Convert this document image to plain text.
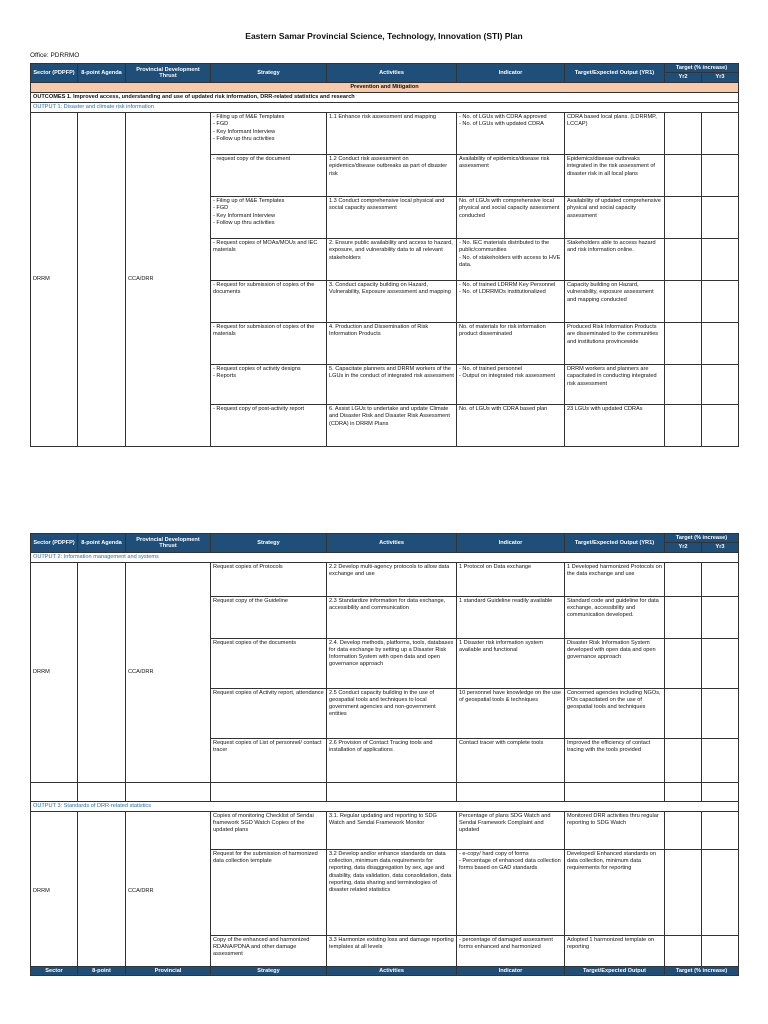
Eastern Samar Provincial Science, Technology, Innovation (STI) Plan
Office: PDRRMO
Sector (PDPFP)	8-point Agenda	Provincial Development Thrust	Strategy	Activities	Indicator	Target/Expected Output (YR1)	Target (% increase)	
							Yr2	Yr3
Prevention and Mitigation								
OUTCOMES 1. Improved access, understanding and use of updated risk information, DRR-related statistics and research								
OUTPUT 1: Disaster and climate risk information								
DRRM		CCA/DRR	- Filing up of M&E Templates
- FGD
- Key Informant Interview
- Follow up thru activities	1.1 Enhance risk assessment and mapping	- No. of LGUs with CDRA approved
- No. of LGUs with updated CDRA	CDRA based local plans. (LDRRMP, LCCAP)		
			- request copy of the document	1.2 Conduct risk assessment on epidemics/disease outbreaks as part of disaster risk	Availability of epidemics/disease risk assessment	Epidemics/disease outbreaks integrated in the risk assessment of disaster risk in all local plans		
			- Filing up of M&E Templates
- FGD
- Key Informant Interview
- Follow up thru activities	1.3 Conduct comprehensive local physical and social capacity assessment	No. of LGUs with comprehensive local physical and social capacity assessment conducted	Availability of updated comprehensive physical and social capacity assessment		
			- Request copies of MOAs/MOUs and IEC materials	2. Ensure public availability and access to hazard, exposure, and vulnerability data to all relevant stakeholders	- No. IEC materials distributed to the public/communities
- No. of stakeholders with access to HVE data.	Stakeholders able to access hazard and risk information online.		
			- Request for submission of copies of the documents	3. Conduct capacity building on Hazard, Vulnerability, Exposure assessment and mapping	- No. of trained LDRRM Key Personnel
- No. of LDRRMOs institutionalized	Capacity building on Hazard, vulnerability, exposure assessment and mapping conducted		
			- Request for submission of copies of the materials	4. Production and Dissemination of Risk Information Products	No. of materials for risk information product disseminated	Produced Risk Information Products are disseminated to the communities and institutions provincewide		
			- Request copies of activity designs
- Reports	5. Capacitate planners and DRRM workers of the LGUs in the conduct of integrated risk assessment	- No. of trained personnel
- Output on integrated risk assessment	DRRM workers and planners are capacitated in conducting integrated risk assessment		
			- Request copy of post-activity report	6. Assist LGUs to undertake and update Climate and Disaster Risk and Disaster Risk Assessment (CDRA) in DRRM Plans	No. of LGUs with CDRA based plan	23 LGUs with updated CDRAs		
Sector (PDPFP)	8-point Agenda	Provincial Development Thrust	Strategy	Activities	Indicator	Target/Expected Output (YR1)	Target (% increase)	
							Yr2	Yr3
OUTPUT 2: Information management and systems								
DRRM		CCA/DRR	Request copies of Protocols	2.2 Develop multi-agency protocols to allow data exchange and use	1 Protocol on Data exchange	1 Developed harmonized Protocols on the data exchange and use		
			Request copy of the Guideline	2.3 Standardize information for data exchange, accessibility and communication	1 standard Guideline readily available	Standard code and guideline for data exchange, accessibility and communication developed.		
			Request copies of the documents	2.4. Develop methods, platforms, tools, databases for data exchange by setting up a Disaster Risk Information System with open data and open governance approach	1 Disaster risk information system available and functional	Disaster Risk Information System developed with open data and open governance approach		
			Request copies of Activity report, attendance	2.5 Conduct capacity building in the use of geospatial tools and techniques to local government agencies and non-government entities	10 personnel have knowledge on the use of geospatial tools & techniques	Concerned agencies including NGOs, POs capacitated on the use of geospatial tools and techniques		
			Request copies of List of personnel/ contact tracer	2.6 Provision of Contact Tracing tools and installation of applications	Contact tracer with complete tools	Improved the efficiency of contact tracing with the tools provided		

OUTPUT 3: Standards of DRR-related statistics								
DRRM		CCA/DRR	Copies of monitoring Checklist of Sendai framework SGD Watch Copies of the updated plans	3.1. Regular updating and reporting to SDG Watch and Sendai Framework Monitor	Percentage of plans SDG Watch and Sendai Framework Complaint and updated	Monitored DRR activities thru regular reporting to SDG Watch		
			Request for the submission of harmonized data collection template	3.2 Develop and/or enhance standards on data collection, minimum data requirements for reporting, data disaggregation by sex, age and disability, data validation, data consolidation, data reporting, data sharing and terminologies of disaster related statistics	- e-copy/ hard copy of forms
- Percentage of enhanced data collection forms based on GAD standards	Developed/ Enhanced standards on data collection, minimum data requirements for reporting		
			Copy of the enhanced and harmonized RDANA/PDNA and other damage assessment	3.3 Harmonize existing loss and damage reporting templates at all levels	- percentage of damaged assessment forms enhanced and harmonized	Adopted 1 harmonized template on reporting		
Sector	8-point	Provincial	Strategy	Activities	Indicator	Target/Expected Output	Target (% increase)
